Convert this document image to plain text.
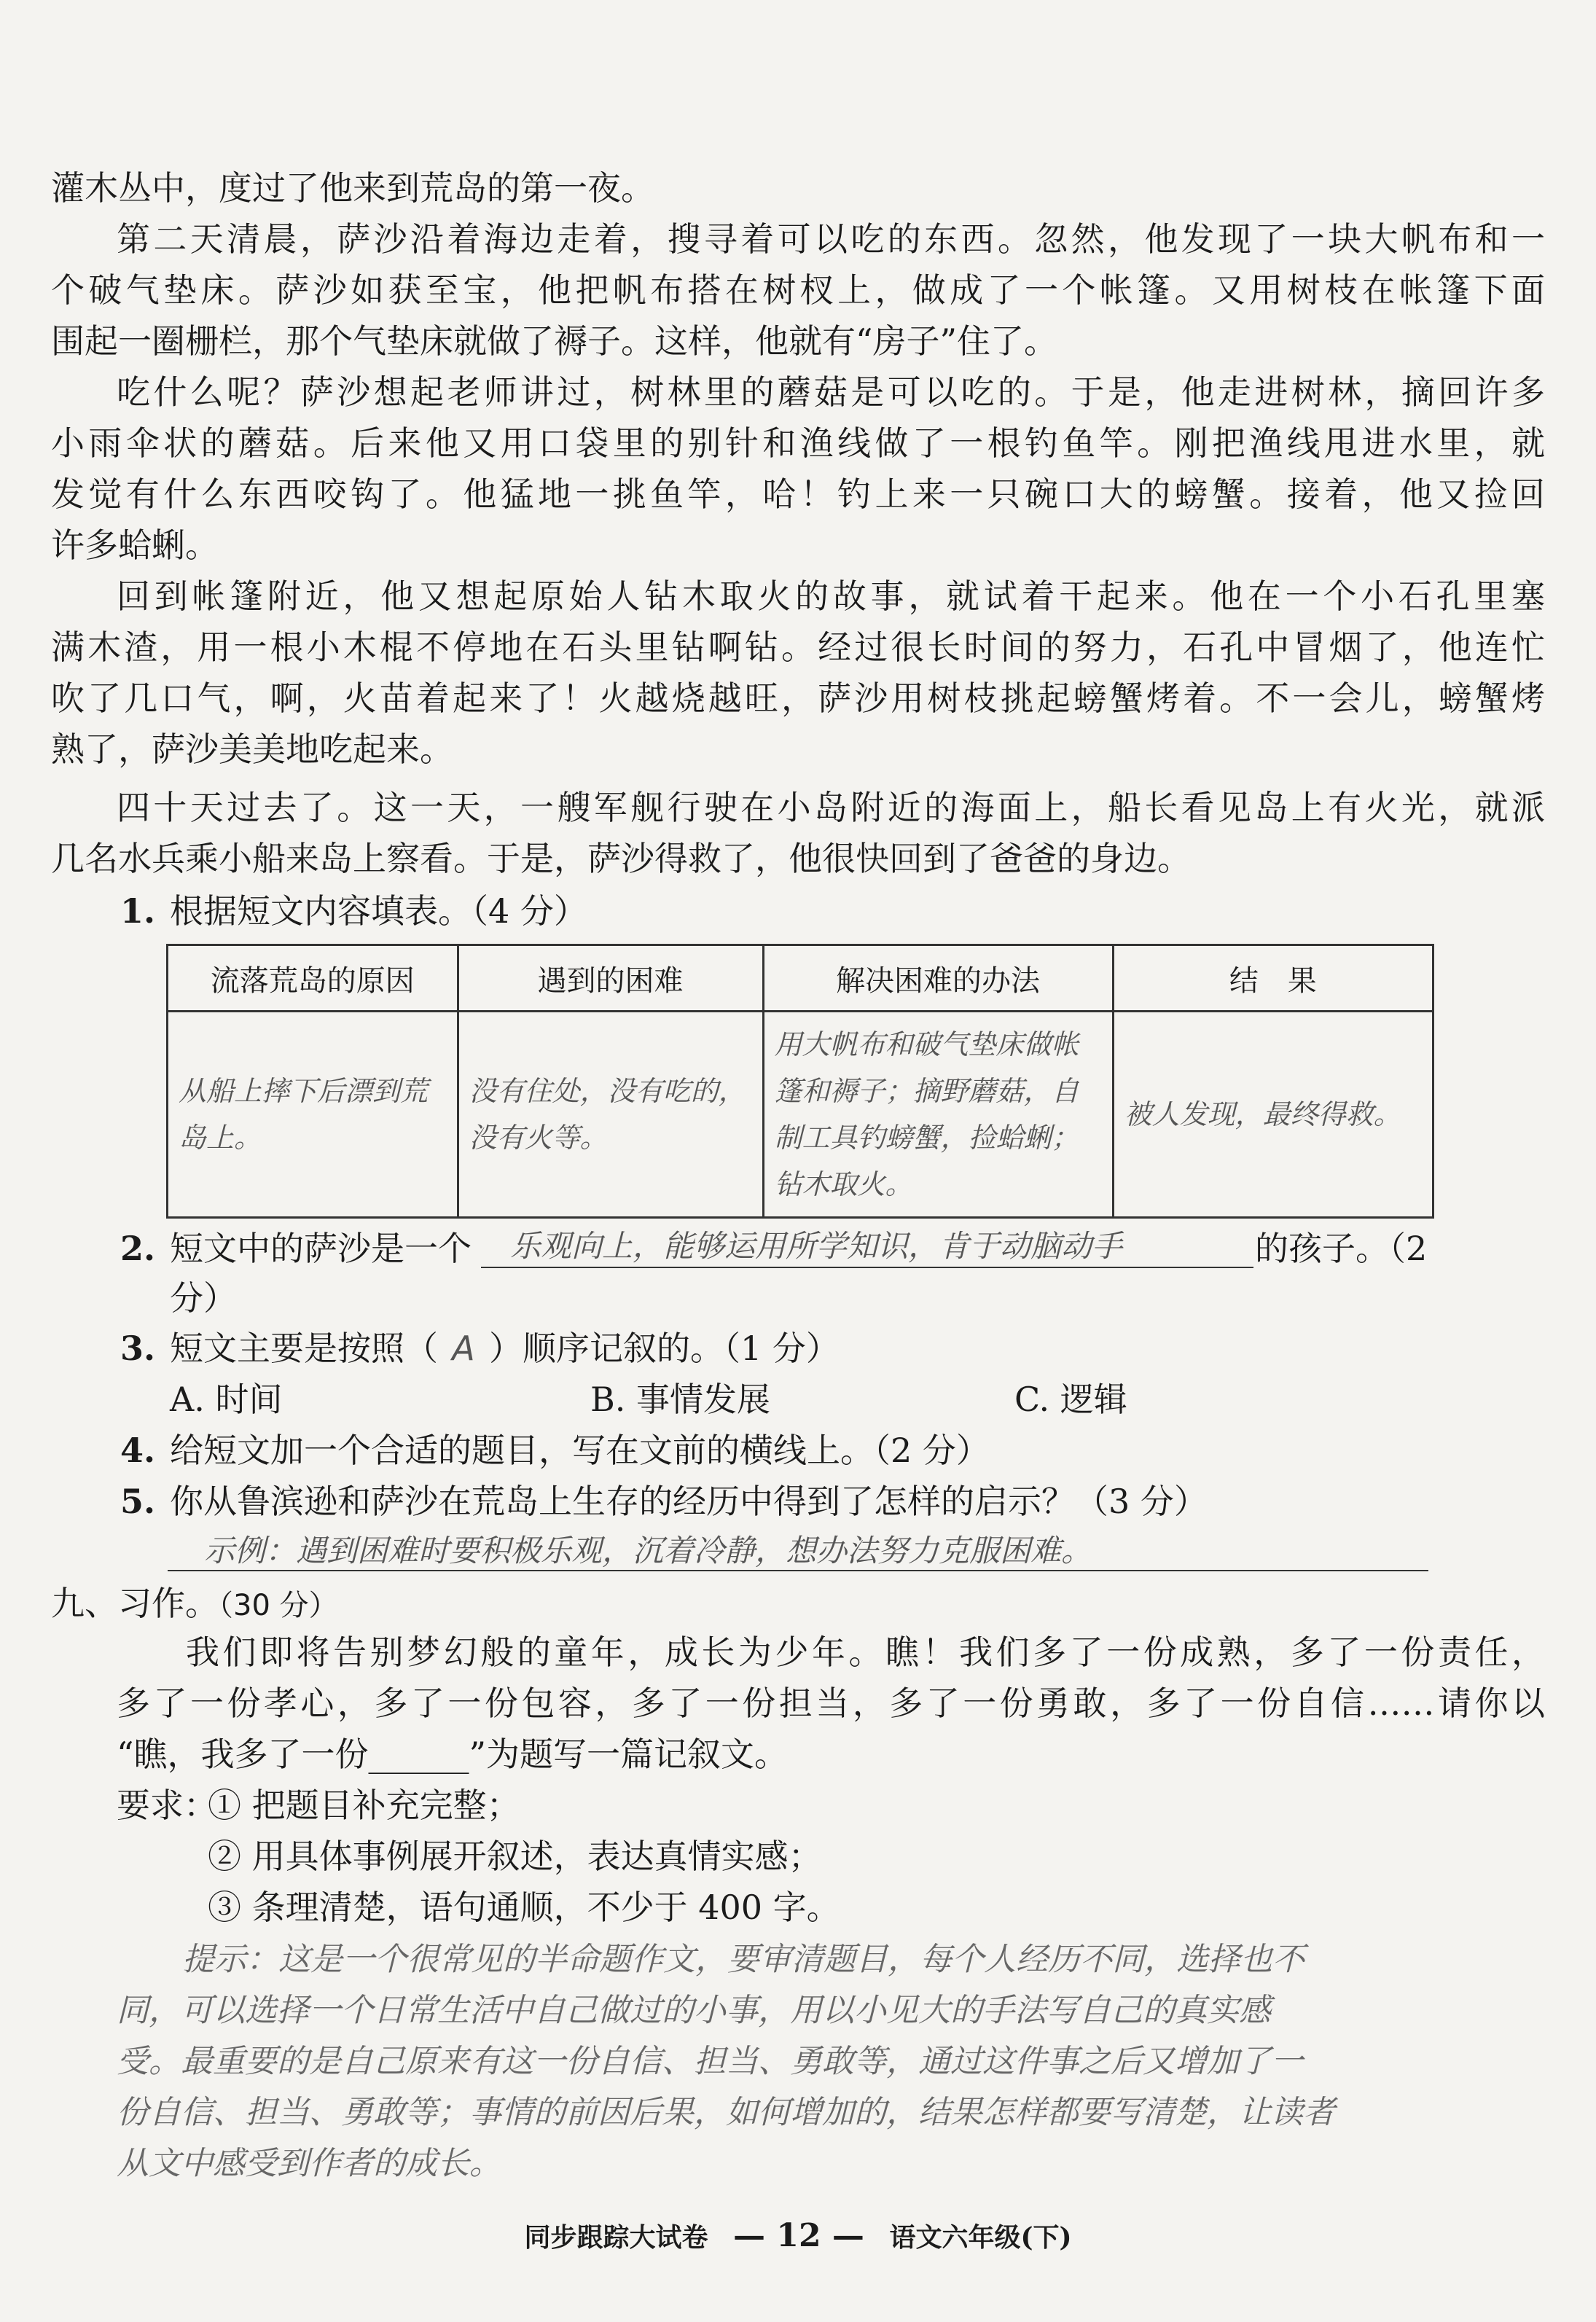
灌木丛中，度过了他来到荒岛的第一夜。
第二天清晨，萨沙沿着海边走着，搜寻着可以吃的东西。忽然，他发现了一块大帆布和一
个破气垫床。萨沙如获至宝，他把帆布搭在树杈上，做成了一个帐篷。又用树枝在帐篷下面
围起一圈栅栏，那个气垫床就做了褥子。这样，他就有“房子”住了。
吃什么呢？萨沙想起老师讲过，树林里的蘑菇是可以吃的。于是，他走进树林，摘回许多
小雨伞状的蘑菇。后来他又用口袋里的别针和渔线做了一根钓鱼竿。刚把渔线甩进水里，就
发觉有什么东西咬钩了。他猛地一挑鱼竿，哈！钓上来一只碗口大的螃蟹。接着，他又捡回
许多蛤蜊。
回到帐篷附近，他又想起原始人钻木取火的故事，就试着干起来。他在一个小石孔里塞
满木渣，用一根小木棍不停地在石头里钻啊钻。经过很长时间的努力，石孔中冒烟了，他连忙
吹了几口气，啊，火苗着起来了！火越烧越旺，萨沙用树枝挑起螃蟹烤着。不一会儿，螃蟹烤
熟了，萨沙美美地吃起来。
四十天过去了。这一天，一艘军舰行驶在小岛附近的海面上，船长看见岛上有火光，就派
几名水兵乘小船来岛上察看。于是，萨沙得救了，他很快回到了爸爸的身边。
1. 根据短文内容填表。（4 分）
流落荒岛的原因	遇到的困难	解决困难的办法	结　果
从船上摔下后漂到荒岛上。	没有住处，没有吃的，没有火等。	用大帆布和破气垫床做帐篷和褥子；摘野蘑菇，自制工具钓螃蟹，捡蛤蜊；钻木取火。	被人发现，最终得救。
2. 短文中的萨沙是一个 乐观向上，能够运用所学知识，肯于动脑动手	的孩子。（2
分）
3. 短文主要是按照（ A ）顺序记叙的。（1 分）
A. 时间	B. 事情发展	C. 逻辑
4. 给短文加一个合适的题目，写在文前的横线上。（2 分）
5. 你从鲁滨逊和萨沙在荒岛上生存的经历中得到了怎样的启示？（3 分）
示例：遇到困难时要积极乐观，沉着冷静，想办法努力克服困难。
九、习作。（30 分）
我们即将告别梦幻般的童年，成长为少年。瞧！我们多了一份成熟，多了一份责任，
多了一份孝心，多了一份包容，多了一份担当，多了一份勇敢，多了一份自信……请你以
“瞧，我多了一份______”为题写一篇记叙文。
要求：
① 把题目补充完整；
② 用具体事例展开叙述，表达真情实感；
③ 条理清楚，语句通顺，不少于 400 字。
提示：这是一个很常见的半命题作文，要审清题目，每个人经历不同，选择也不
同，可以选择一个日常生活中自己做过的小事，用以小见大的手法写自己的真实感
受。最重要的是自己原来有这一份自信、担当、勇敢等，通过这件事之后又增加了一
份自信、担当、勇敢等；事情的前因后果，如何增加的，结果怎样都要写清楚，让读者
从文中感受到作者的成长。
同步跟踪大试卷 — 12 — 语文六年级(下)
